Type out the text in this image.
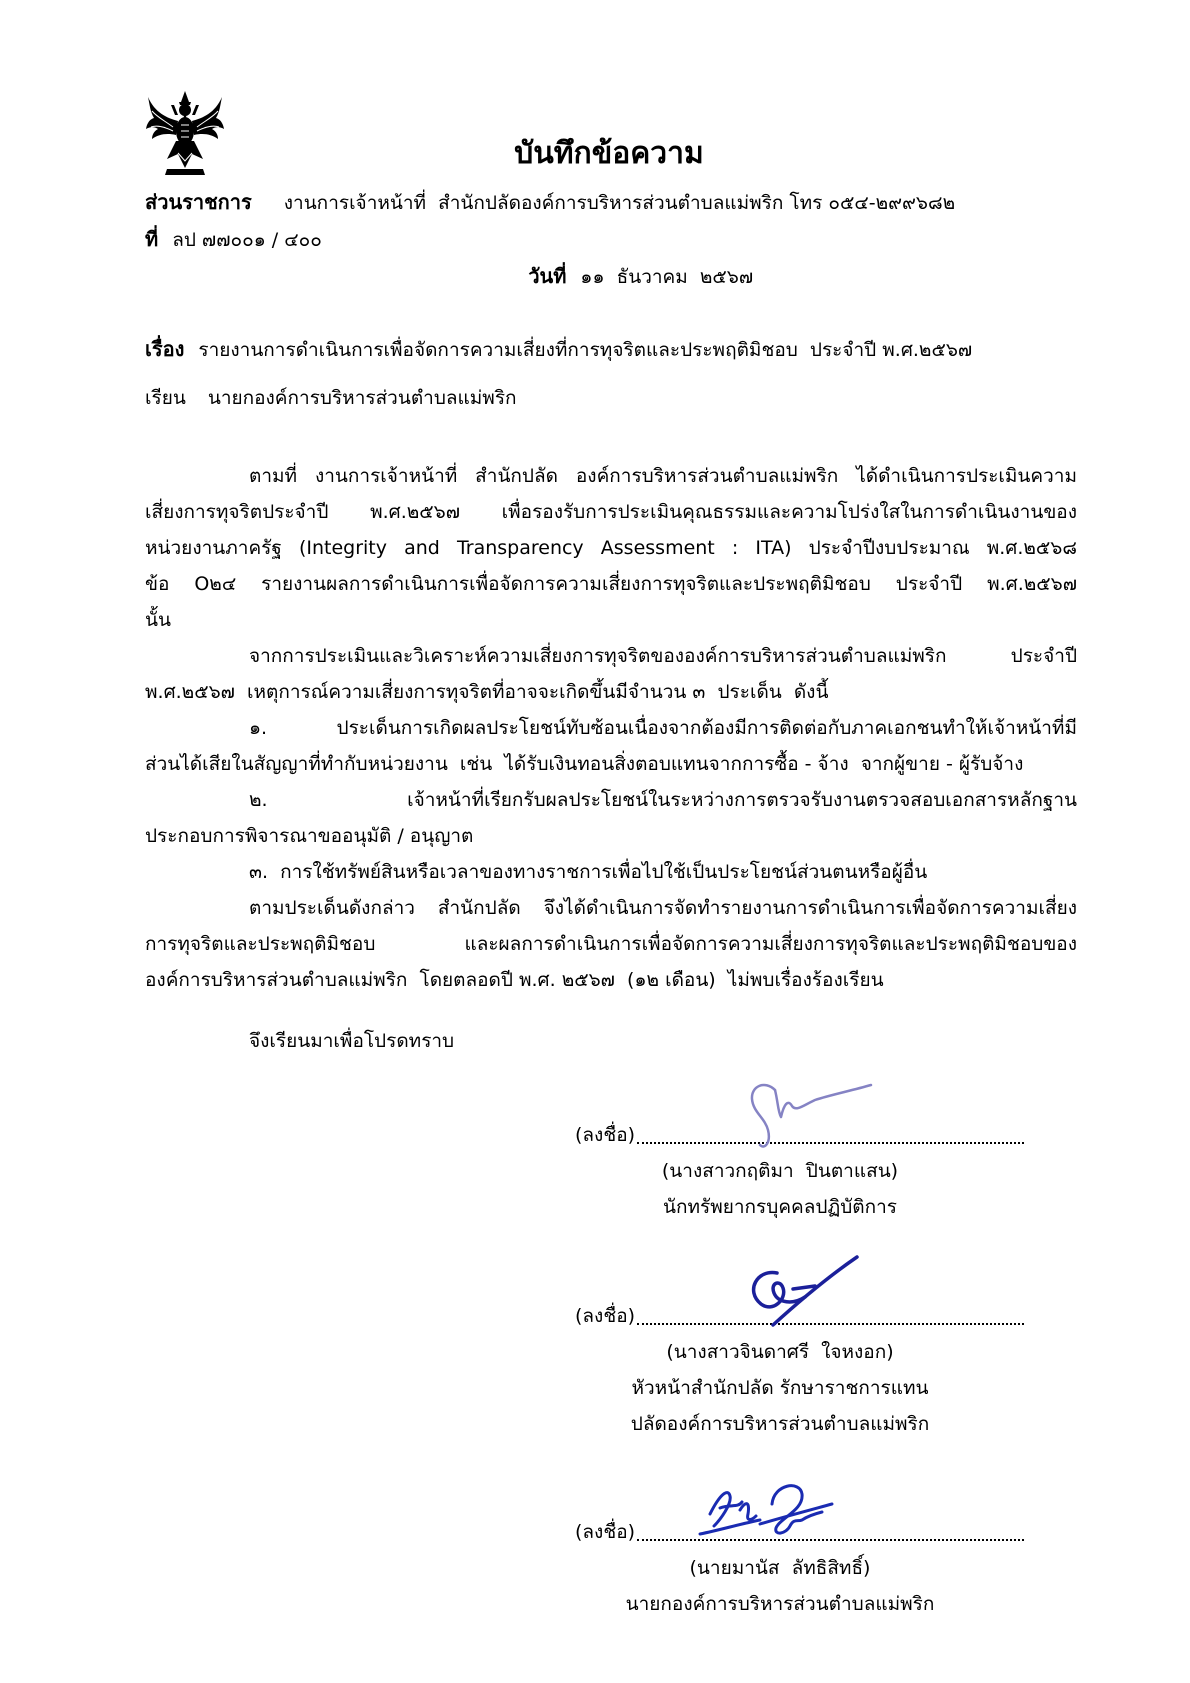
บันทึกข้อความ
ส่วนราชการ งานการเจ้าหน้าที่  สำนักปลัดองค์การบริหารส่วนตำบลแม่พริก โทร ๐๕๔-๒๙๙๖๘๒
ที่ ลป ๗๗๐๐๑ / ๔๐๐

วันที่ ๑๑  ธันวาคม  ๒๕๖๗

เรื่อง รายงานการดำเนินการเพื่อจัดการความเสี่ยงที่การทุจริตและประพฤติมิชอบ  ประจำปี พ.ศ.๒๕๖๗
เรียน นายกองค์การบริหารส่วนตำบลแม่พริก
ตามที่ งานการเจ้าหน้าที่ สำนักปลัด องค์การบริหารส่วนตำบลแม่พริก ได้ดำเนินการประเมินความ
เสี่ยงการทุจริตประจำปี พ.ศ.๒๕๖๗ เพื่อรองรับการประเมินคุณธรรมและความโปร่งใสในการดำเนินงานของ
หน่วยงานภาครัฐ (Integrity and Transparency Assessment : ITA) ประจำปีงบประมาณ พ.ศ.๒๕๖๘
ข้อ O๒๔ รายงานผลการดำเนินการเพื่อจัดการความเสี่ยงการทุจริตและประพฤติมิชอบ ประจำปี พ.ศ.๒๕๖๗
นั้น
จากการประเมินและวิเคราะห์ความเสี่ยงการทุจริตขององค์การบริหารส่วนตำบลแม่พริก ประจำปี
พ.ศ.๒๕๖๗  เหตุการณ์ความเสี่ยงการทุจริตที่อาจจะเกิดขึ้นมีจำนวน ๓  ประเด็น  ดังนี้
๑. ประเด็นการเกิดผลประโยชน์ทับซ้อนเนื่องจากต้องมีการติดต่อกับภาคเอกชนทำให้เจ้าหน้าที่มี
ส่วนได้เสียในสัญญาที่ทำกับหน่วยงาน  เช่น  ได้รับเงินทอนสิ่งตอบแทนจากการซื้อ - จ้าง  จากผู้ขาย - ผู้รับจ้าง
๒. เจ้าหน้าที่เรียกรับผลประโยชน์ในระหว่างการตรวจรับงานตรวจสอบเอกสารหลักฐาน
ประกอบการพิจารณาขออนุมัติ / อนุญาต
๓.  การใช้ทรัพย์สินหรือเวลาของทางราชการเพื่อไปใช้เป็นประโยชน์ส่วนตนหรือผู้อื่น
ตามประเด็นดังกล่าว สำนักปลัด จึงได้ดำเนินการจัดทำรายงานการดำเนินการเพื่อจัดการความเสี่ยง
การทุจริตและประพฤติมิชอบ และผลการดำเนินการเพื่อจัดการความเสี่ยงการทุจริตและประพฤติมิชอบของ
องค์การบริหารส่วนตำบลแม่พริก  โดยตลอดปี พ.ศ. ๒๕๖๗  (๑๒ เดือน)  ไม่พบเรื่องร้องเรียน
จึงเรียนมาเพื่อโปรดทราบ
(ลงชื่อ)
(นางสาวกฤติมา  ปินตาแสน)
นักทรัพยากรบุคคลปฏิบัติการ
(ลงชื่อ)
(นางสาวจินดาศรี  ใจหงอก)
หัวหน้าสำนักปลัด รักษาราชการแทน
ปลัดองค์การบริหารส่วนตำบลแม่พริก
(ลงชื่อ)
(นายมานัส  ลัทธิสิทธิ์)
นายกองค์การบริหารส่วนตำบลแม่พริก
